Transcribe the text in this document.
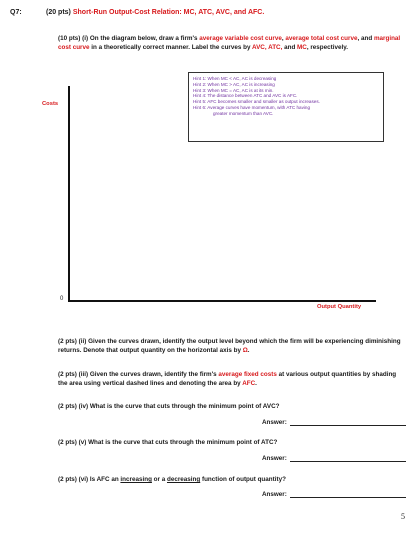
Q7:	(20 pts) Short-Run Output-Cost Relation: MC, ATC, AVC, and AFC.
(10 pts) (i) On the diagram below, draw a firm's average variable cost curve, average total cost curve, and marginal cost curve in a theoretically correct manner. Label the curves by AVC, ATC, and MC, respectively.
Costs
0
Output Quantity
Hint 1: When MC < AC, AC is decreasing
Hint 2: When MC > AC, AC is increasing
Hint 3: When MC = AC, AC is at its min.
Hint 4: The distance between ATC and AVC is AFC.
Hint 5: AFC becomes smaller and smaller as output increases.
Hint 6: Average curves have momentum, with ATC having
greater momentum than AVC.
(2 pts) (ii) Given the curves drawn, identify the output level beyond which the firm will be experiencing diminishing returns. Denote that output quantity on the horizontal axis by Ω.
(2 pts) (iii) Given the curves drawn, identify the firm's average fixed costs at various output quantities by shading the area using vertical dashed lines and denoting the area by AFC.
(2 pts) (iv) What is the curve that cuts through the minimum point of AVC?
Answer:
(2 pts) (v) What is the curve that cuts through the minimum point of ATC?
Answer:
(2 pts) (vi) Is AFC an increasing or a decreasing function of output quantity?
Answer:
5
